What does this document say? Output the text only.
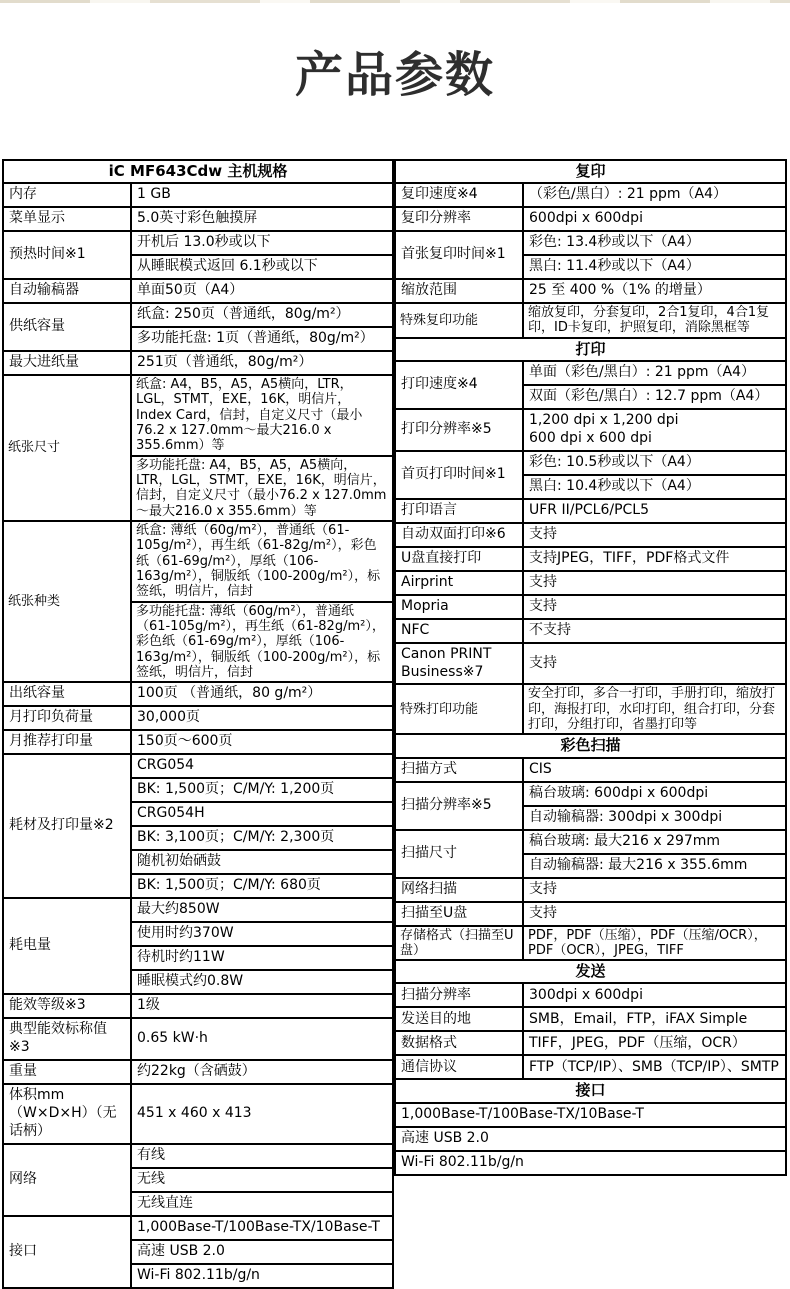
产品参数
iC MF643Cdw 主机规格	
内存	1 GB
菜单显示	5.0英寸彩色触摸屏
预热时间※1	开机后 13.0秒或以下
	从睡眠模式返回 6.1秒或以下
自动输稿器	单面50页（A4）
供纸容量	纸盒: 250页（普通纸，80g/m²）
	多功能托盘: 1页（普通纸，80g/m²）
最大进纸量	251页（普通纸，80g/m²）
纸张尺寸	纸盒: A4，B5，A5，A5横向，LTR，LGL，STMT，EXE，16K，明信片， Index Card，信封，自定义尺寸（最小76.2 x 127.0mm～最大216.0 x 355.6mm）等
	多功能托盘: A4，B5，A5，A5横向，LTR，LGL，STMT，EXE，16K，明信片，信封，自定义尺寸（最小76.2 x 127.0mm～最大216.0 x 355.6mm）等
纸张种类	纸盒: 薄纸（60g/m²），普通纸（61-105g/m²），再生纸（61-82g/m²），彩色纸（61-69g/m²），厚纸（106-163g/m²），铜版纸（100-200g/m²），标签纸，明信片，信封
	多功能托盘: 薄纸（60g/m²），普通纸（61-105g/m²），再生纸（61-82g/m²），彩色纸（61-69g/m²），厚纸（106-163g/m²），铜版纸（100-200g/m²），标签纸，明信片，信封
出纸容量	100页 （普通纸，80 g/m²）
月打印负荷量	30,000页
月推荐打印量	150页～600页
耗材及打印量※2	CRG054
	BK: 1,500页；C/M/Y: 1,200页
	CRG054H
	BK: 3,100页；C/M/Y: 2,300页
	随机初始硒鼓
	BK: 1,500页；C/M/Y: 680页
耗电量	最大约850W
	使用时约370W
	待机时约11W
	睡眠模式约0.8W
能效等级※3	1级
典型能效标称值※3	0.65 kW·h
重量	约22kg（含硒鼓）
体积mm （W×D×H）（无话柄）	451 x 460 x 413
网络	有线
	无线
	无线直连
接口	1,000Base-T/100Base-TX/10Base-T
	高速 USB 2.0
	Wi-Fi 802.11b/g/n
复印	
复印速度※4	（彩色/黑白）: 21 ppm（A4）
复印分辨率	600dpi x 600dpi
首张复印时间※1	彩色: 13.4秒或以下（A4）
	黑白: 11.4秒或以下（A4）
缩放范围	25 至 400 %（1% 的增量）
特殊复印功能	缩放复印，分套复印，2合1复印，4合1复印，ID卡复印，护照复印，消除黑框等
打印	
打印速度※4	单面（彩色/黑白）: 21 ppm（A4）
	双面（彩色/黑白）: 12.7 ppm（A4）
打印分辨率※5	1,200 dpi x 1,200 dpi
600 dpi x 600 dpi
首页打印时间※1	彩色: 10.5秒或以下（A4）
	黑白: 10.4秒或以下（A4）
打印语言	UFR II/PCL6/PCL5
自动双面打印※6	支持
U盘直接打印	支持JPEG，TIFF，PDF格式文件
Airprint	支持
Mopria	支持
NFC	不支持
Canon PRINT Business※7	支持
特殊打印功能	安全打印，多合一打印，手册打印，缩放打印，海报打印，水印打印，组合打印，分套打印，分组打印，省墨打印等
彩色扫描	
扫描方式	CIS
扫描分辨率※5	稿台玻璃: 600dpi x 600dpi
	自动输稿器: 300dpi x 300dpi
扫描尺寸	稿台玻璃: 最大216 x 297mm
	自动输稿器: 最大216 x 355.6mm
网络扫描	支持
扫描至U盘	支持
存储格式（扫描至U盘）	PDF，PDF（压缩），PDF（压缩/OCR），PDF（OCR），JPEG，TIFF
发送	
扫描分辨率	300dpi x 600dpi
发送目的地	SMB，Email，FTP，iFAX Simple
数据格式	TIFF，JPEG，PDF（压缩，OCR）
通信协议	FTP（TCP/IP）、SMB（TCP/IP）、SMTP
接口	
1,000Base-T/100Base-TX/10Base-T	
高速 USB 2.0	
Wi-Fi 802.11b/g/n	
